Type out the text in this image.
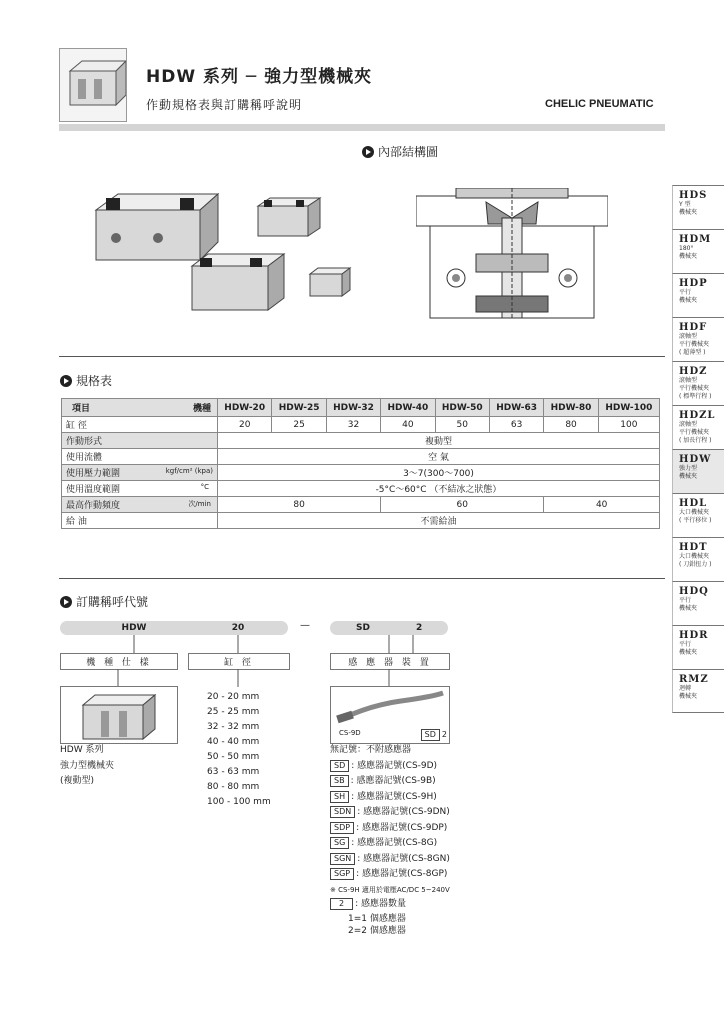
HDW 系列 ─ 強力型機械夾
作動規格表與訂購稱呼說明	CHELIC PNEUMATIC
內部結構圖
HDS
Y 型
機械夾
HDM
180°
機械夾
HDP
平行
機械夾
HDF
滾軸型
平行機械夾
( 超薄型 )
HDZ
滾軸型
平行機械夾
( 標準行程 )
HDZL
滾軸型
平行機械夾
( 加長行程 )
HDW
強力型
機械夾
HDL
大口機械夾
( 平行移位 )
HDT
大口機械夾
( 刀鉗扭力 )
HDQ
平行
機械夾
HDR
平行
機械夾
RMZ
迴轉
機械夾
規格表
項目 機種	HDW-20	HDW-25	HDW-32	HDW-40	HDW-50	HDW-63	HDW-80	HDW-100
缸 徑	20	25	32	40	50	63	80	100
作動形式	複動型							
使用流體	空 氣							
使用壓力範圍 kgf/cm² (kpa)	3～7(300～700)							
使用溫度範圍 °C	-5°C～60°C （不結冰之狀態）							
最高作動頻度 次/min	80			60			40	
給 油	不需給油							
訂購稱呼代號
HDW	20	—	SD	2
機 種 仕 樣	缸 徑	感 應 器 裝 置
HDW 系列
強力型機械夾
(複動型)
20 - 20 mm
25 - 25 mm
32 - 32 mm
40 - 40 mm
50 - 50 mm
63 - 63 mm
80 - 80 mm
100 - 100 mm
CS-9D	SD 2
無記號：不附感應器
SD : 感應器記號(CS-9D)
SB : 感應器記號(CS-9B)
SH : 感應器記號(CS-9H)
SDN : 感應器記號(CS-9DN)
SDP : 感應器記號(CS-9DP)
SG : 感應器記號(CS-8G)
SGN : 感應器記號(CS-8GN)
SGP : 感應器記號(CS-8GP)
※ CS-9H 適用於電壓AC/DC 5~240V
2 : 感應器數量
1=1 個感應器
2=2 個感應器
